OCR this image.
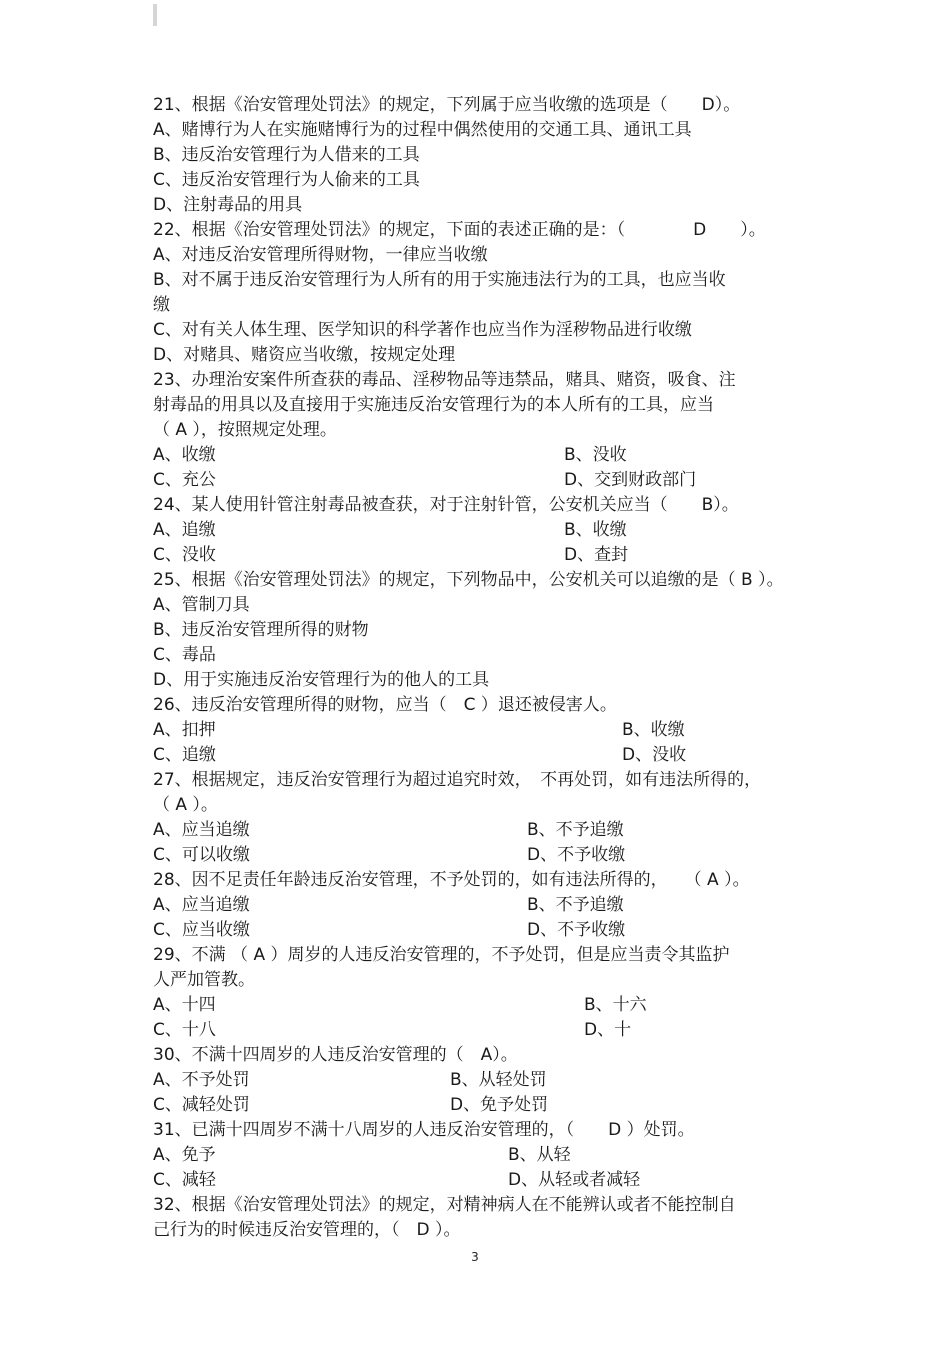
21、根据《治安管理处罚法》的规定，下列属于应当收缴的选项是（　　D）。
A、赌博行为人在实施赌博行为的过程中偶然使用的交通工具、通讯工具
B、违反治安管理行为人借来的工具
C、违反治安管理行为人偷来的工具
D、注射毒品的用具
22、根据《治安管理处罚法》的规定，下面的表述正确的是：（　　　　D　　）。
A、对违反治安管理所得财物，一律应当收缴
B、对不属于违反治安管理行为人所有的用于实施违法行为的工具，也应当收
缴
C、对有关人体生理、医学知识的科学著作也应当作为淫秽物品进行收缴
D、对赌具、赌资应当收缴，按规定处理
23、办理治安案件所查获的毒品、淫秽物品等违禁品，赌具、赌资，吸食、注
射毒品的用具以及直接用于实施违反治安管理行为的本人所有的工具，应当
（ A ），按照规定处理。
A、收缴	B、没收
C、充公	D、交到财政部门
24、某人使用针管注射毒品被查获，对于注射针管，公安机关应当（　　B）。
A、追缴	B、收缴
C、没收	D、查封
25、根据《治安管理处罚法》的规定，下列物品中，公安机关可以追缴的是（ B ）。
A、管制刀具
B、违反治安管理所得的财物
C、毒品
D、用于实施违反治安管理行为的他人的工具
26、违反治安管理所得的财物，应当（　C ）退还被侵害人。
A、扣押	B、收缴
C、追缴	D、没收
27、根据规定，违反治安管理行为超过追究时效，　不再处罚，如有违法所得的，
（ A ）。
A、应当追缴	B、不予追缴
C、可以收缴	D、不予收缴
28、因不足责任年龄违反治安管理，不予处罚的，如有违法所得的，　　（ A ）。
A、应当追缴	B、不予追缴
C、应当收缴	D、不予收缴
29、不满 （ A ）周岁的人违反治安管理的，不予处罚，但是应当责令其监护
人严加管教。
A、十四	B、十六
C、十八	D、十
30、不满十四周岁的人违反治安管理的（　A）。
A、不予处罚	B、从轻处罚
C、减轻处罚	D、免予处罚
31、已满十四周岁不满十八周岁的人违反治安管理的，（　　D ）处罚。
A、免予	B、从轻
C、减轻	D、从轻或者减轻
32、根据《治安管理处罚法》的规定，对精神病人在不能辨认或者不能控制自
己行为的时候违反治安管理的，（　D ）。
3
